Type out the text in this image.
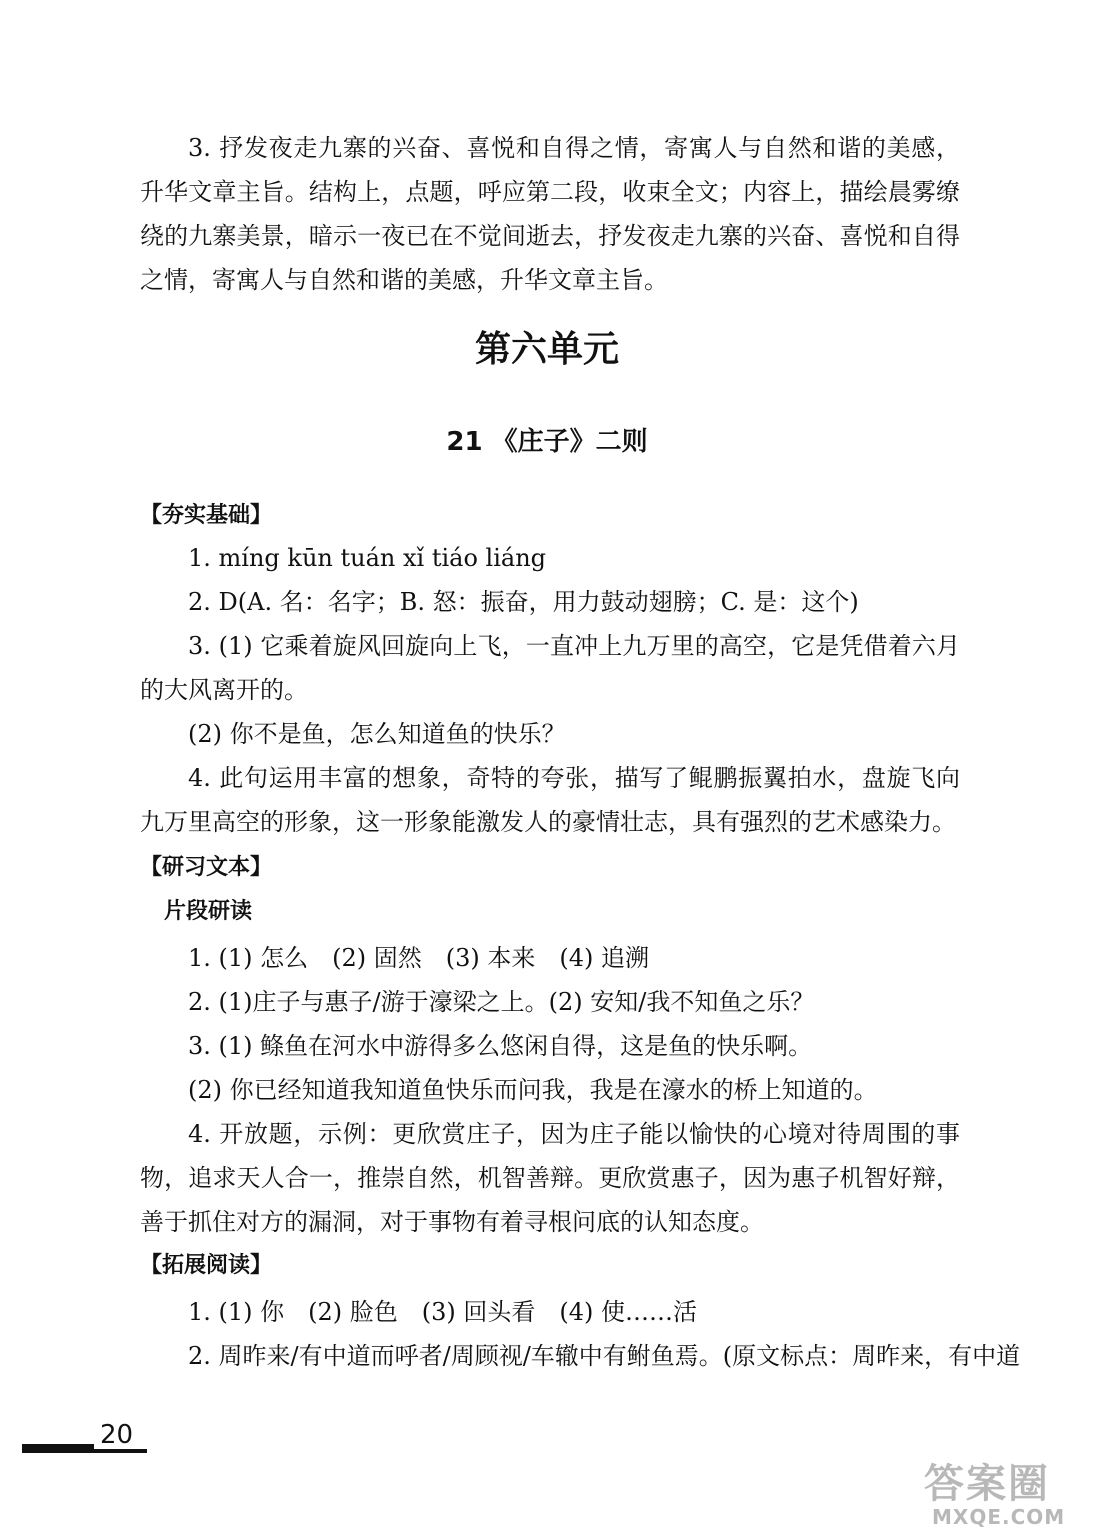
3. 抒发夜走九寨的兴奋、喜悦和自得之情，寄寓人与自然和谐的美感，升华文章主旨。结构上，点题，呼应第二段，收束全文；内容上，描绘晨雾缭绕的九寨美景，暗示一夜已在不觉间逝去，抒发夜走九寨的兴奋、喜悦和自得之情，寄寓人与自然和谐的美感，升华文章主旨。

第六单元
21 《庄子》二则
【夯实基础】

1. míng kūn tuán xǐ tiáo liáng

2. D(A. 名：名字；B. 怒：振奋，用力鼓动翅膀；C. 是：这个)

3. (1) 它乘着旋风回旋向上飞，一直冲上九万里的高空，它是凭借着六月的大风离开的。

(2) 你不是鱼，怎么知道鱼的快乐？

4. 此句运用丰富的想象，奇特的夸张，描写了鲲鹏振翼拍水，盘旋飞向九万里高空的形象，这一形象能激发人的豪情壮志，具有强烈的艺术感染力。

【研习文本】
片段研读

1. (1) 怎么　(2) 固然　(3) 本来　(4) 追溯

2. (1)庄子与惠子/游于濠梁之上。(2) 安知/我不知鱼之乐？

3. (1) 鲦鱼在河水中游得多么悠闲自得，这是鱼的快乐啊。

(2) 你已经知道我知道鱼快乐而问我，我是在濠水的桥上知道的。

4. 开放题，示例：更欣赏庄子，因为庄子能以愉快的心境对待周围的事物，追求天人合一，推崇自然，机智善辩。更欣赏惠子，因为惠子机智好辩，善于抓住对方的漏洞，对于事物有着寻根问底的认知态度。

【拓展阅读】

1. (1) 你　(2) 脸色　(3) 回头看　(4) 使……活

2. 周昨来/有中道而呼者/周顾视/车辙中有鲋鱼焉。(原文标点：周昨来，有中道

20
答案圈
MXQE.COM
